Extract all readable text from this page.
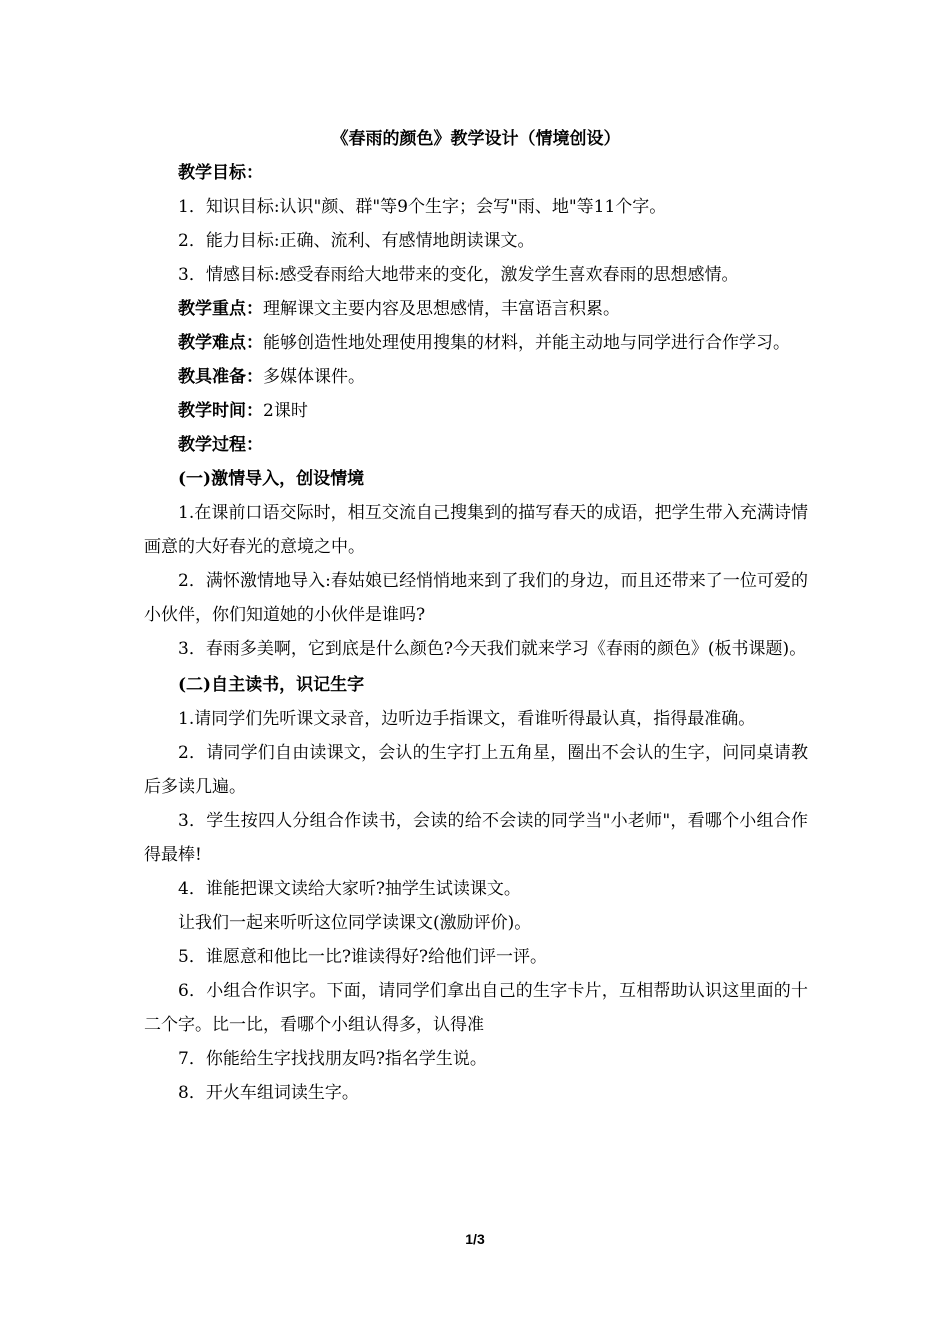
《春雨的颜色》教学设计（情境创设）

教学目标：

1．知识目标:认识"颜、群"等9个生字；会写"雨、地"等11个字。

2．能力目标:正确、流利、有感情地朗读课文。

3．情感目标:感受春雨给大地带来的变化，激发学生喜欢春雨的思想感情。

教学重点：理解课文主要内容及思想感情，丰富语言积累。

教学难点：能够创造性地处理使用搜集的材料，并能主动地与同学进行合作学习。

教具准备：多媒体课件。

教学时间：2课时

教学过程：

(一)激情导入，创设情境

1.在课前口语交际时，相互交流自己搜集到的描写春天的成语，把学生带入充满诗情画意的大好春光的意境之中。

2．满怀激情地导入:春姑娘已经悄悄地来到了我们的身边，而且还带来了一位可爱的小伙伴，你们知道她的小伙伴是谁吗?

3．春雨多美啊，它到底是什么颜色?今天我们就来学习《春雨的颜色》(板书课题)。

(二)自主读书，识记生字

1.请同学们先听课文录音，边听边手指课文，看谁听得最认真，指得最准确。

2．请同学们自由读课文，会认的生字打上五角星，圈出不会认的生字，问同桌请教后多读几遍。

3．学生按四人分组合作读书，会读的给不会读的同学当"小老师"，看哪个小组合作得最棒!

4．谁能把课文读给大家听?抽学生试读课文。

让我们一起来听听这位同学读课文(激励评价)。

5．谁愿意和他比一比?谁读得好?给他们评一评。

6．小组合作识字。下面，请同学们拿出自己的生字卡片，互相帮助认识这里面的十二个字。比一比，看哪个小组认得多，认得准

7．你能给生字找找朋友吗?指名学生说。

8．开火车组词读生字。

1/3
